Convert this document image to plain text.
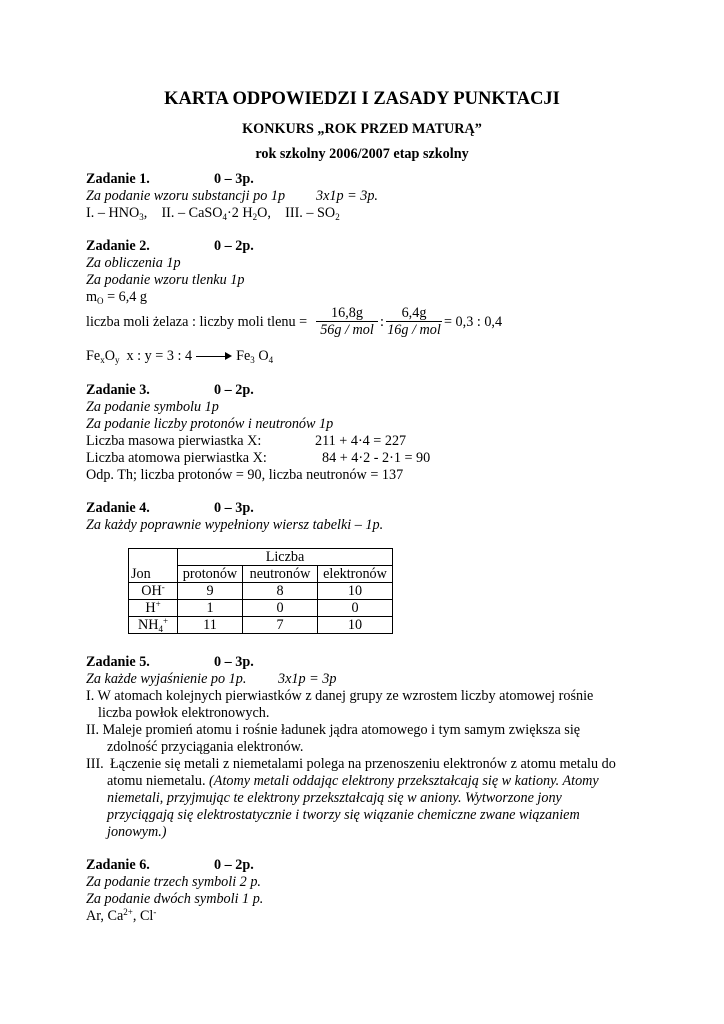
KARTA ODPOWIEDZI I ZASADY PUNKTACJI
KONKURS „ROK PRZED MATURĄ”
rok szkolny 2006/2007 etap szkolny
Zadanie 1.	0 – 3p.
Za podanie wzoru substancji po 1p 3x1p = 3p.
I. – $HNO_3$,    II. – CaSO$_4$·2 $H_2O$,    III. – $SO_2$
Zadanie 2.	0 – 2p.
Za obliczenia 1p
Za podanie wzoru tlenku 1p
$m_O = 6,4$ g
liczba moli żelaza : liczby moli tlenu =
16,8g
56g / mol :
6,4g
16g / mol = 0,3 : 0,4
$Fe_xO_y$  x : y = 3 : 4	$Fe_3$ $O_4$
Zadanie 3.	0 – 2p.
Za podanie symbolu 1p
Za podanie liczby protonów i neutronów 1p
Liczba masowa pierwiastka X:	211 + 4·4 = 227
Liczba atomowa pierwiastka X:	84 + 4·2 - 2·1 = 90
Odp. Th; liczba protonów = 90, liczba neutronów = 137
Zadanie 4.	0 – 3p.
Za każdy poprawnie wypełniony wiersz tabelki – 1p.
Jon	Liczba		
	protonów	neutronów	elektronów
OH-	9	8	10
H+	1	0	0
$NH_4^+$	11	7	10
Zadanie 5.	0 – 3p.
Za każde wyjaśnienie po 1p. 3x1p = 3p
I. W atomach kolejnych pierwiastków z danej grupy ze wzrostem liczby atomowej rośnie
liczba powłok elektronowych.
II. Maleje promień atomu i rośnie ładunek jądra atomowego i tym samym zwiększa się
zdolność przyciągania elektronów.
III. Łączenie się metali z niemetalami polega na przenoszeniu elektronów z atomu metalu do
atomu niemetalu. (Atomy metali oddając elektrony przekształcają się w kationy. Atomy
niemetali, przyjmując te elektrony przekształcają się w aniony. Wytworzone jony
przyciągają się elektrostatycznie i tworzy się wiązanie chemiczne zwane wiązaniem
jonowym.)
Zadanie 6.	0 – 2p.
Za podanie trzech symboli 2 p.
Za podanie dwóch symboli 1 p.
Ar, $Ca^{2+}$, Cl-
